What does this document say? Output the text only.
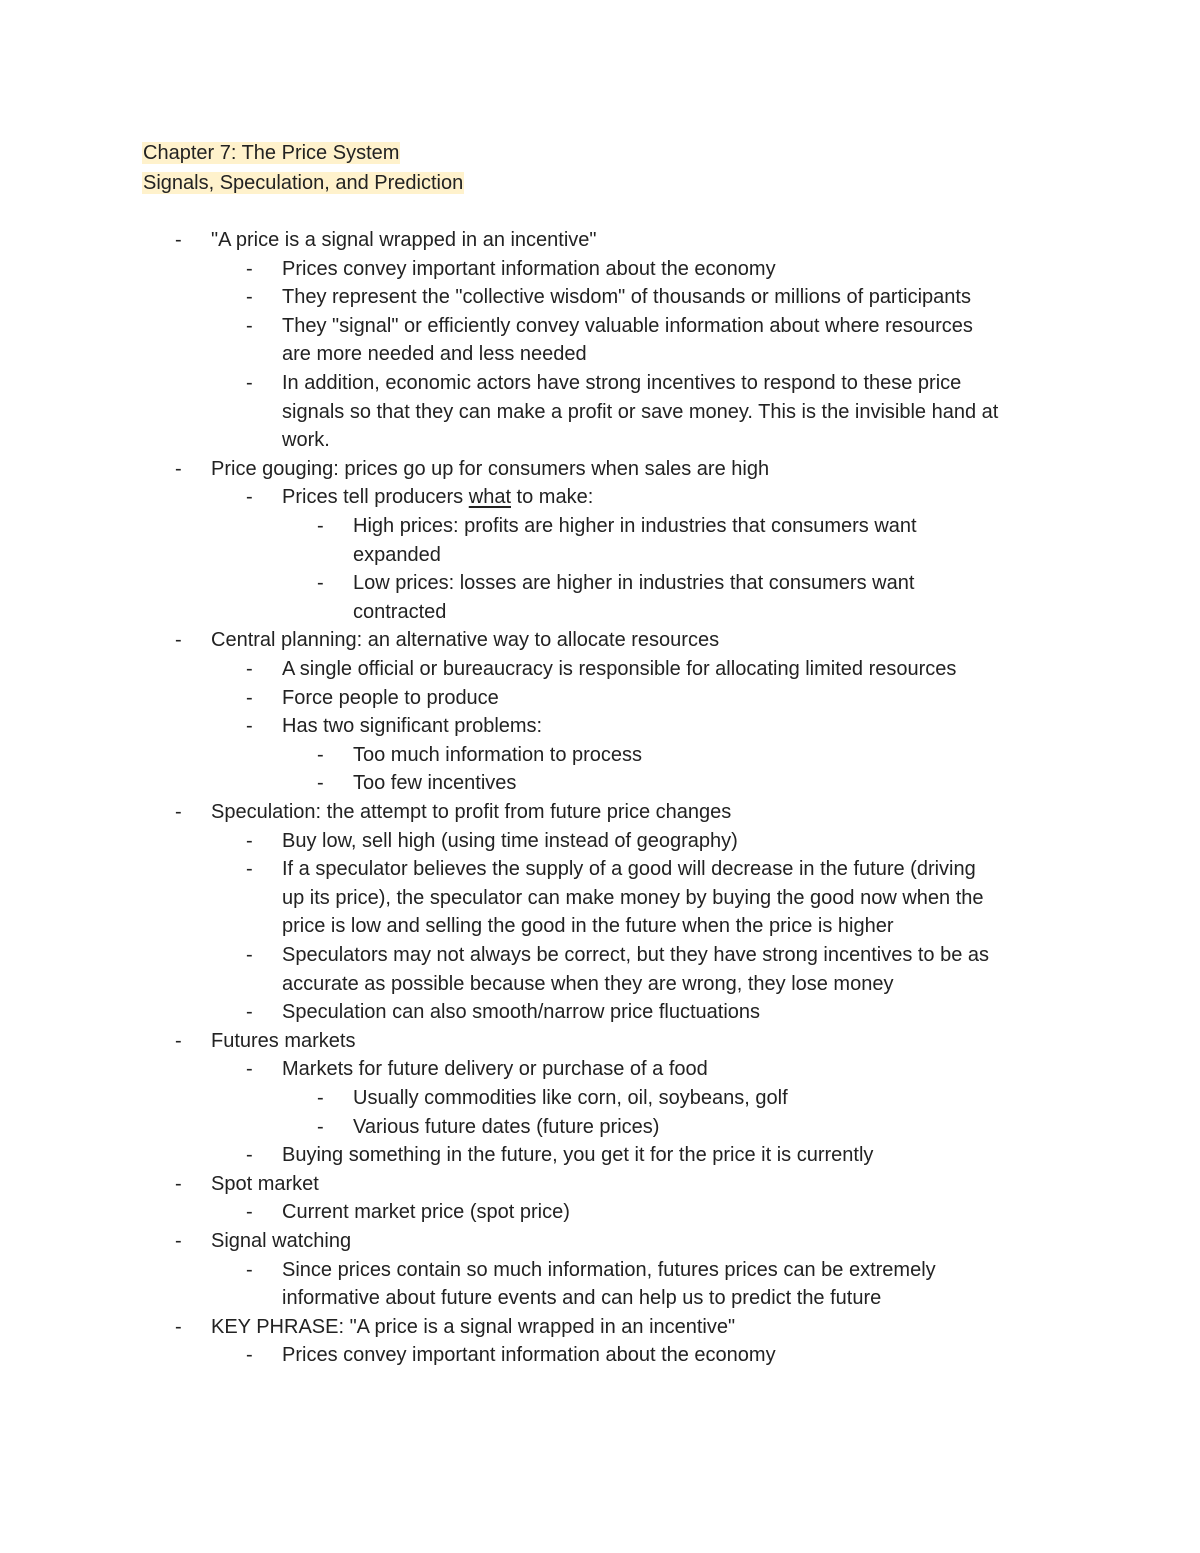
Chapter 7: The Price System
Signals, Speculation, and Prediction
- "A price is a signal wrapped in an incentive"
- Prices convey important information about the economy
- They represent the "collective wisdom" of thousands or millions of participants
- They "signal" or efficiently convey valuable information about where resources
are more needed and less needed
- In addition, economic actors have strong incentives to respond to these price
signals so that they can make a profit or save money. This is the invisible hand at
work.
- Price gouging: prices go up for consumers when sales are high
- Prices tell producers what to make:
- High prices: profits are higher in industries that consumers want
expanded
- Low prices: losses are higher in industries that consumers want
contracted
- Central planning: an alternative way to allocate resources
- A single official or bureaucracy is responsible for allocating limited resources
- Force people to produce
- Has two significant problems:
- Too much information to process
- Too few incentives
- Speculation: the attempt to profit from future price changes
- Buy low, sell high (using time instead of geography)
- If a speculator believes the supply of a good will decrease in the future (driving
up its price), the speculator can make money by buying the good now when the
price is low and selling the good in the future when the price is higher
- Speculators may not always be correct, but they have strong incentives to be as
accurate as possible because when they are wrong, they lose money
- Speculation can also smooth/narrow price fluctuations
- Futures markets
- Markets for future delivery or purchase of a food
- Usually commodities like corn, oil, soybeans, golf
- Various future dates (future prices)
- Buying something in the future, you get it for the price it is currently
- Spot market
- Current market price (spot price)
- Signal watching
- Since prices contain so much information, futures prices can be extremely
informative about future events and can help us to predict the future
- KEY PHRASE: "A price is a signal wrapped in an incentive"
- Prices convey important information about the economy
